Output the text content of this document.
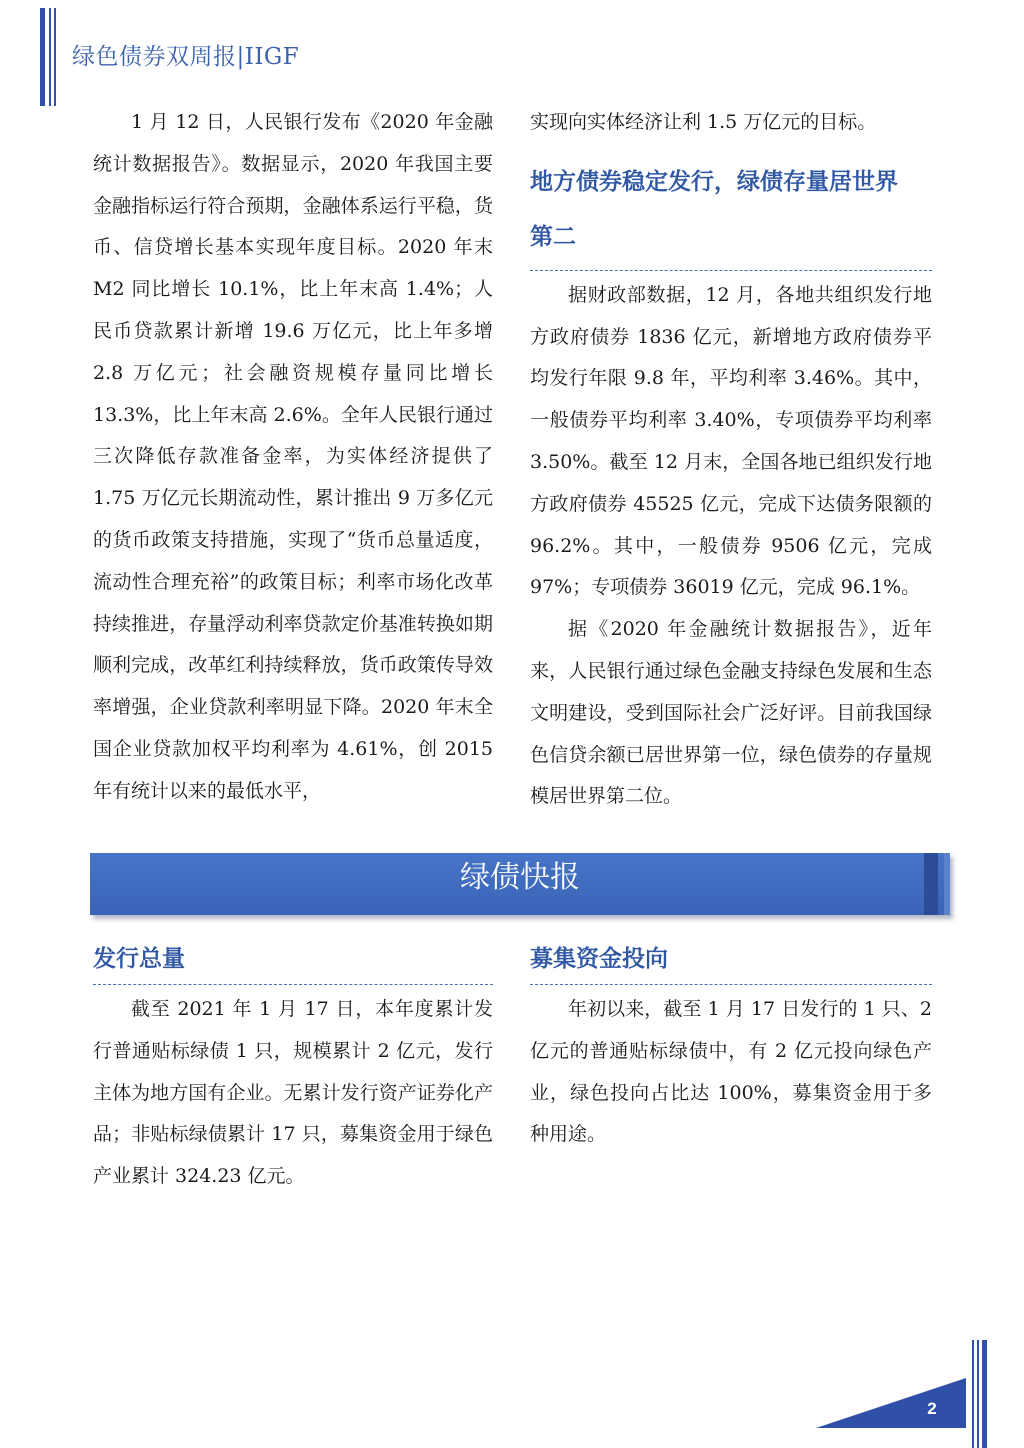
绿色债券双周报|IIGF

1 月 12 日，人民银行发布《2020 年金融统计数据报告》。数据显示，2020 年我国主要金融指标运行符合预期，金融体系运行平稳，货币、信贷增长基本实现年度目标。2020 年末 M2 同比增长 10.1%，比上年末高 1.4%；人民币贷款累计新增 19.6 万亿元，比上年多增 2.8 万亿元；社会融资规模存量同比增长 13.3%，比上年末高 2.6%。全年人民银行通过三次降低存款准备金率，为实体经济提供了 1.75 万亿元长期流动性，累计推出 9 万多亿元的货币政策支持措施，实现了“货币总量适度，流动性合理充裕”的政策目标；利率市场化改革持续推进，存量浮动利率贷款定价基准转换如期顺利完成，改革红利持续释放，货币政策传导效率增强，企业贷款利率明显下降。2020 年末全国企业贷款加权平均利率为 4.61%，创 2015 年有统计以来的最低水平，

实现向实体经济让利 1.5 万亿元的目标。

地方债券稳定发行，绿债存量居世界
第二

据财政部数据，12 月，各地共组织发行地方政府债券 1836 亿元，新增地方政府债券平均发行年限 9.8 年，平均利率 3.46%。其中，一般债券平均利率 3.40%，专项债券平均利率 3.50%。截至 12 月末，全国各地已组织发行地方政府债券 45525 亿元，完成下达债务限额的 96.2%。其中，一般债券 9506 亿元，完成 97%；专项债券 36019 亿元，完成 96.1%。

据《2020 年金融统计数据报告》，近年来，人民银行通过绿色金融支持绿色发展和生态文明建设，受到国际社会广泛好评。目前我国绿色信贷余额已居世界第一位，绿色债券的存量规模居世界第二位。

绿债快报
发行总量

截至 2021 年 1 月 17 日，本年度累计发行普通贴标绿债 1 只，规模累计 2 亿元，发行主体为地方国有企业。无累计发行资产证券化产品；非贴标绿债累计 17 只，募集资金用于绿色产业累计 324.23 亿元。

募集资金投向

年初以来，截至 1 月 17 日发行的 1 只、2 亿元的普通贴标绿债中，有 2 亿元投向绿色产业，绿色投向占比达 100%，募集资金用于多种用途。

2
